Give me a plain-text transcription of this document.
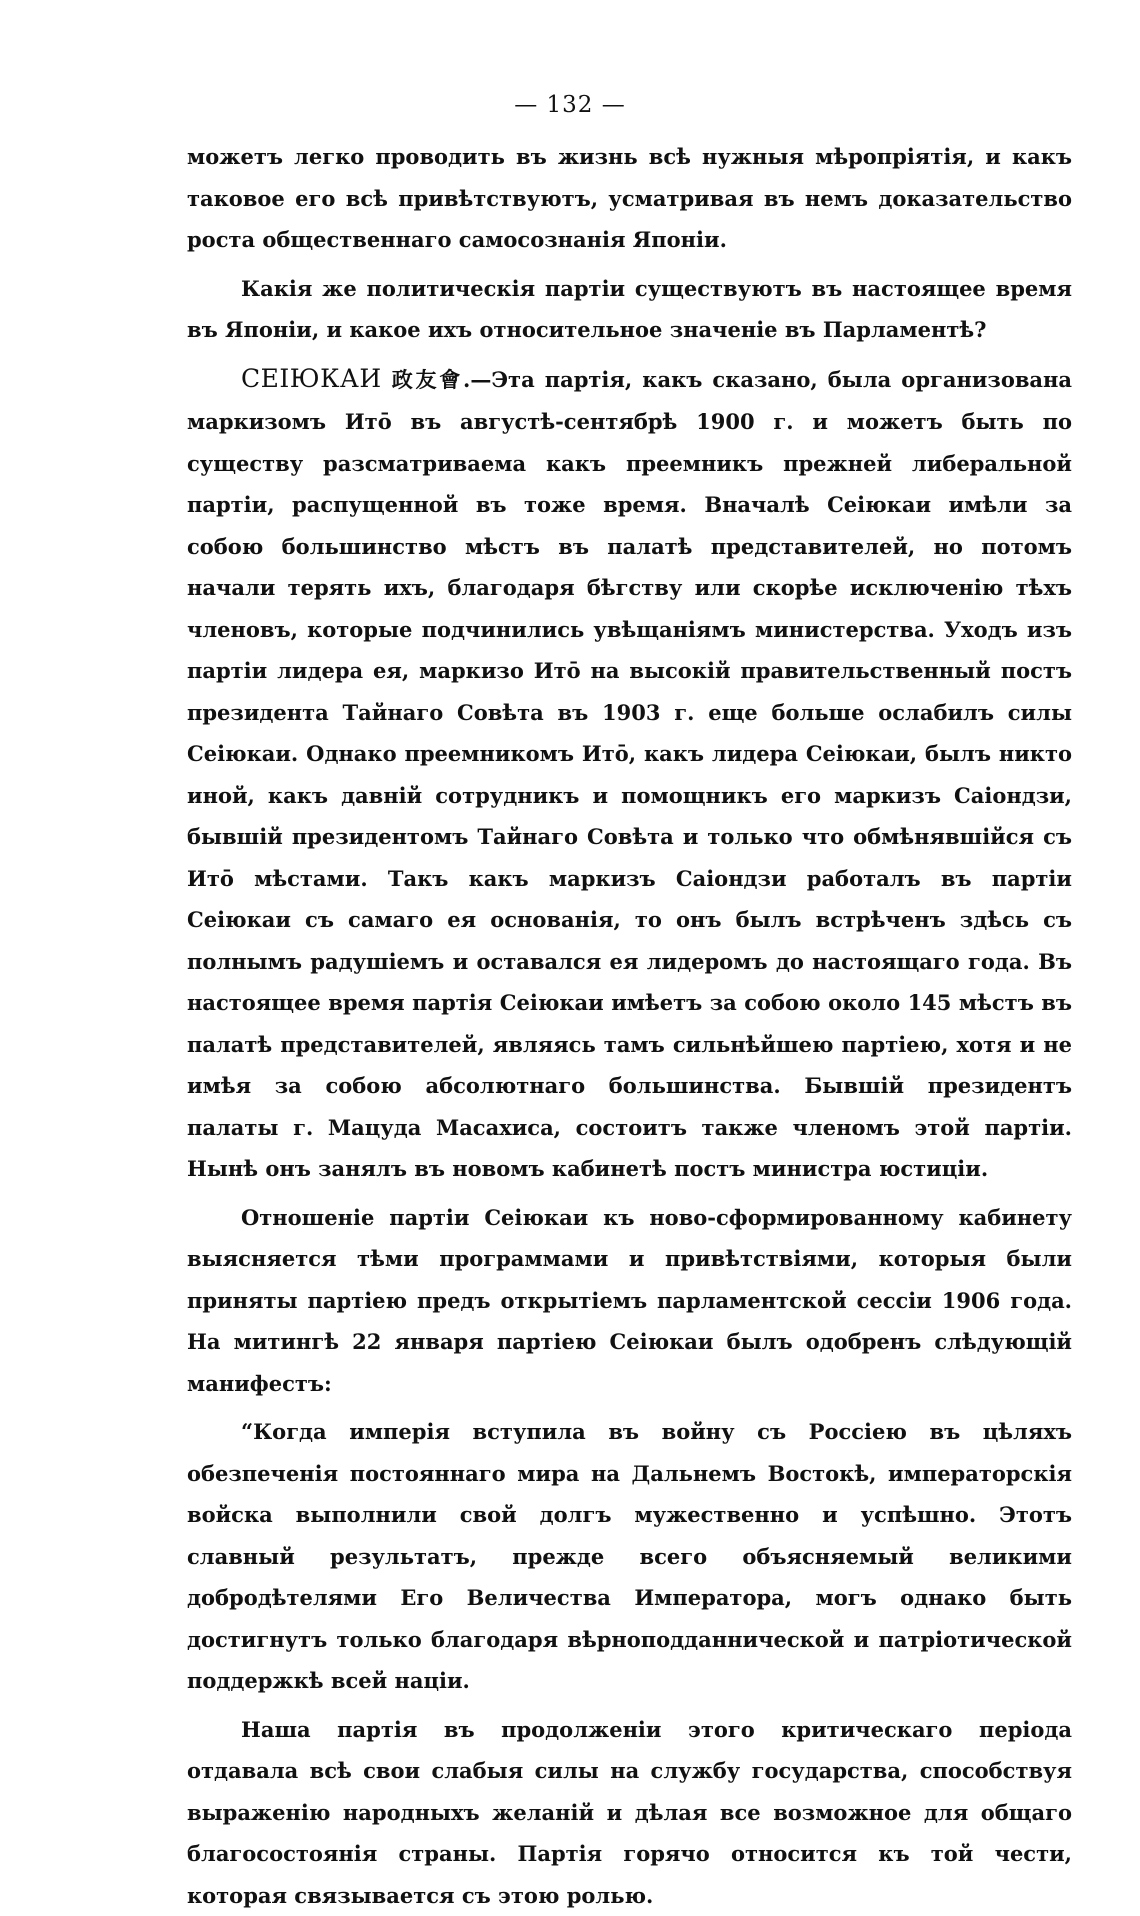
— 132 —

можетъ легко проводить въ жизнь всѣ нужныя мѣропріятія, и какъ таковое его всѣ привѣтствуютъ, усматривая въ немъ доказательство роста общественнаго самосознанія Японіи.

Какія же политическія партіи существуютъ въ настоящее время въ Японіи, и какое ихъ относительное значеніе въ Парламентѣ?

СЕІЮКАИ 政友會.—Эта партія, какъ сказано, была организована маркизомъ Итō въ августѣ-сентябрѣ 1900 г. и можетъ быть по существу разсматриваема какъ преемникъ прежней либеральной партіи, распущенной въ тоже время. Вначалѣ Сеіюкаи имѣли за собою большинство мѣстъ въ палатѣ представителей, но потомъ начали терять ихъ, благодаря бѣгству или скорѣе исключенію тѣхъ членовъ, которые подчинились увѣщаніямъ министерства. Уходъ изъ партіи лидера ея, маркизо Итō на высокій правительственный постъ президента Тайнаго Совѣта въ 1903 г. еще больше ослабилъ силы Сеіюкаи. Однако преемникомъ Итō, какъ лидера Сеіюкаи, былъ никто иной, какъ давній сотрудникъ и помощникъ его маркизъ Саіондзи, бывшій президентомъ Тайнаго Совѣта и только что обмѣнявшійся съ Итō мѣстами. Такъ какъ маркизъ Саіондзи работалъ въ партіи Сеіюкаи съ самаго ея основанія, то онъ былъ встрѣченъ здѣсь съ полнымъ радушіемъ и оставался ея лидеромъ до настоящаго года. Въ настоящее время партія Сеіюкаи имѣетъ за собою около 145 мѣстъ въ палатѣ представителей, являясь тамъ сильнѣйшею партіею, хотя и не имѣя за собою абсолютнаго большинства. Бывшій президентъ палаты г. Мацуда Масахиса, состоитъ также членомъ этой партіи. Нынѣ онъ занялъ въ новомъ кабинетѣ постъ министра юстиціи.

Отношеніе партіи Сеіюкаи къ ново-сформированному кабинету выясняется тѣми программами и привѣтствіями, которыя были приняты партіею предъ открытіемъ парламентской сессіи 1906 года. На митингѣ 22 января партіею Сеіюкаи былъ одобренъ слѣдующій манифестъ:

“Когда имперія вступила въ войну съ Россіею въ цѣляхъ обезпеченія постояннаго мира на Дальнемъ Востокѣ, императорскія войска выполнили свой долгъ мужественно и успѣшно. Этотъ славный результатъ, прежде всего объясняемый великими добродѣтелями Его Величества Императора, могъ однако быть достигнутъ только благодаря вѣрноподданнической и патріотической поддержкѣ всей націи.

Наша партія въ продолженіи этого критическаго періода отдавала всѣ свои слабыя силы на службу государства, способствуя выраженію народныхъ желаній и дѣлая все возможное для общаго благосостоянія страны. Партія горячо относится къ той чести, которая связывается съ этою ролью.
